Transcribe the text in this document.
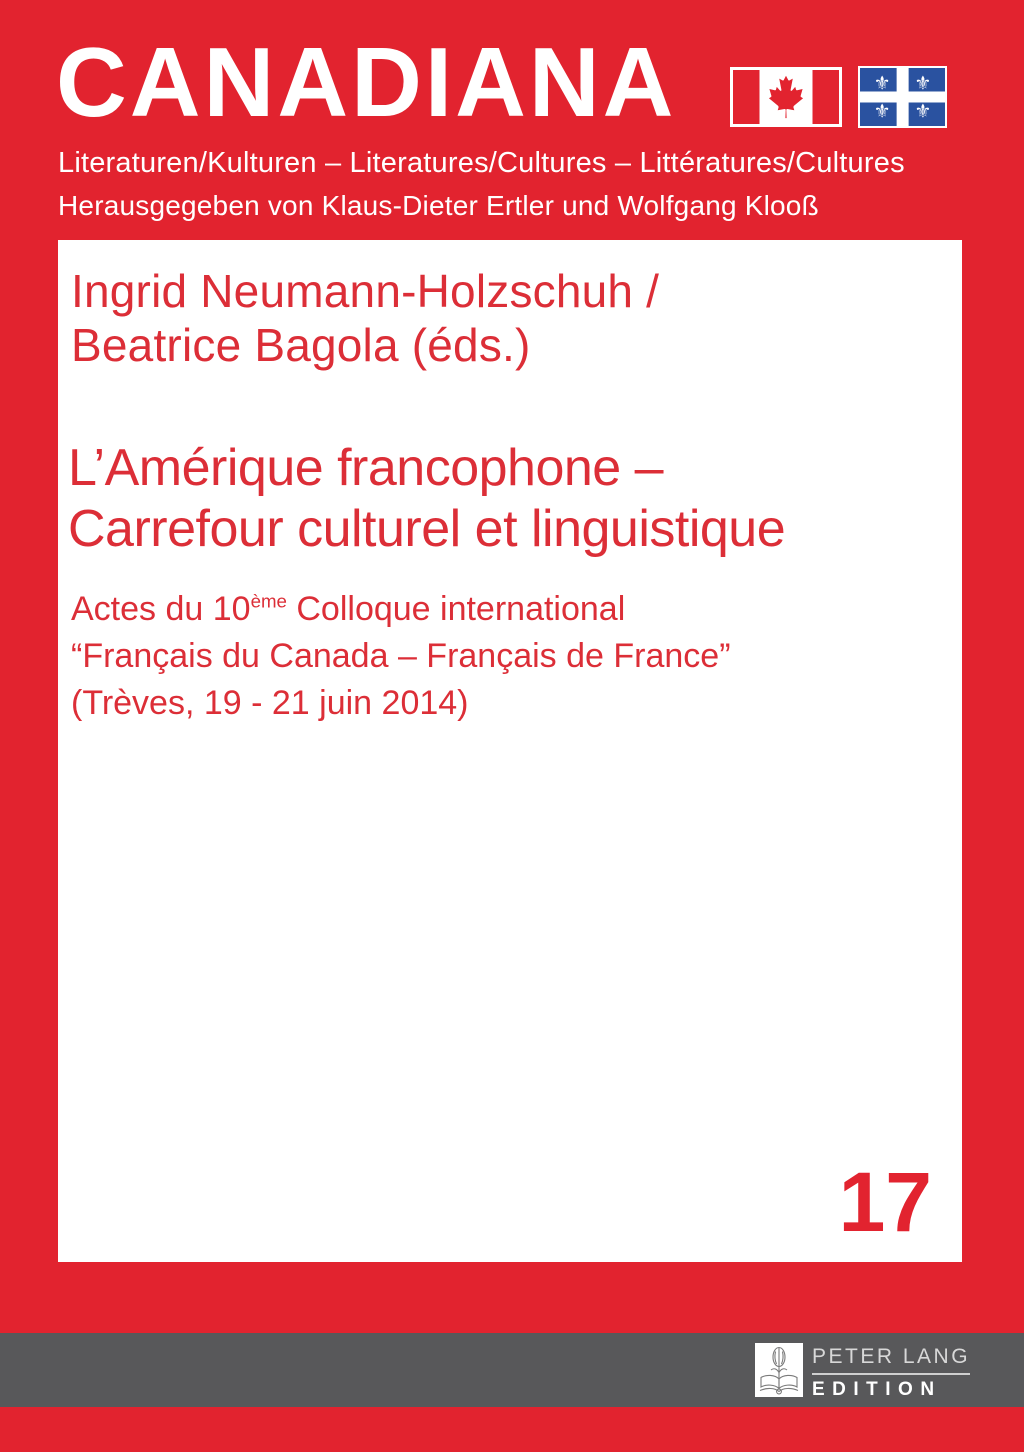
CANADIANA	⚜ ⚜
⚜ ⚜
Literaturen/Kulturen – Literatures/Cultures – Littératures/Cultures
Herausgegeben von Klaus-Dieter Ertler und Wolfgang Klooß
Ingrid Neumann-Holzschuh /
Beatrice Bagola (éds.)
L’Amérique francophone –
Carrefour culturel et linguistique
Actes du 10ème Colloque international
“Français du Canada – Français de France”
(Trèves, 19 - 21 juin 2014)
17
PETER LANG
EDITION
